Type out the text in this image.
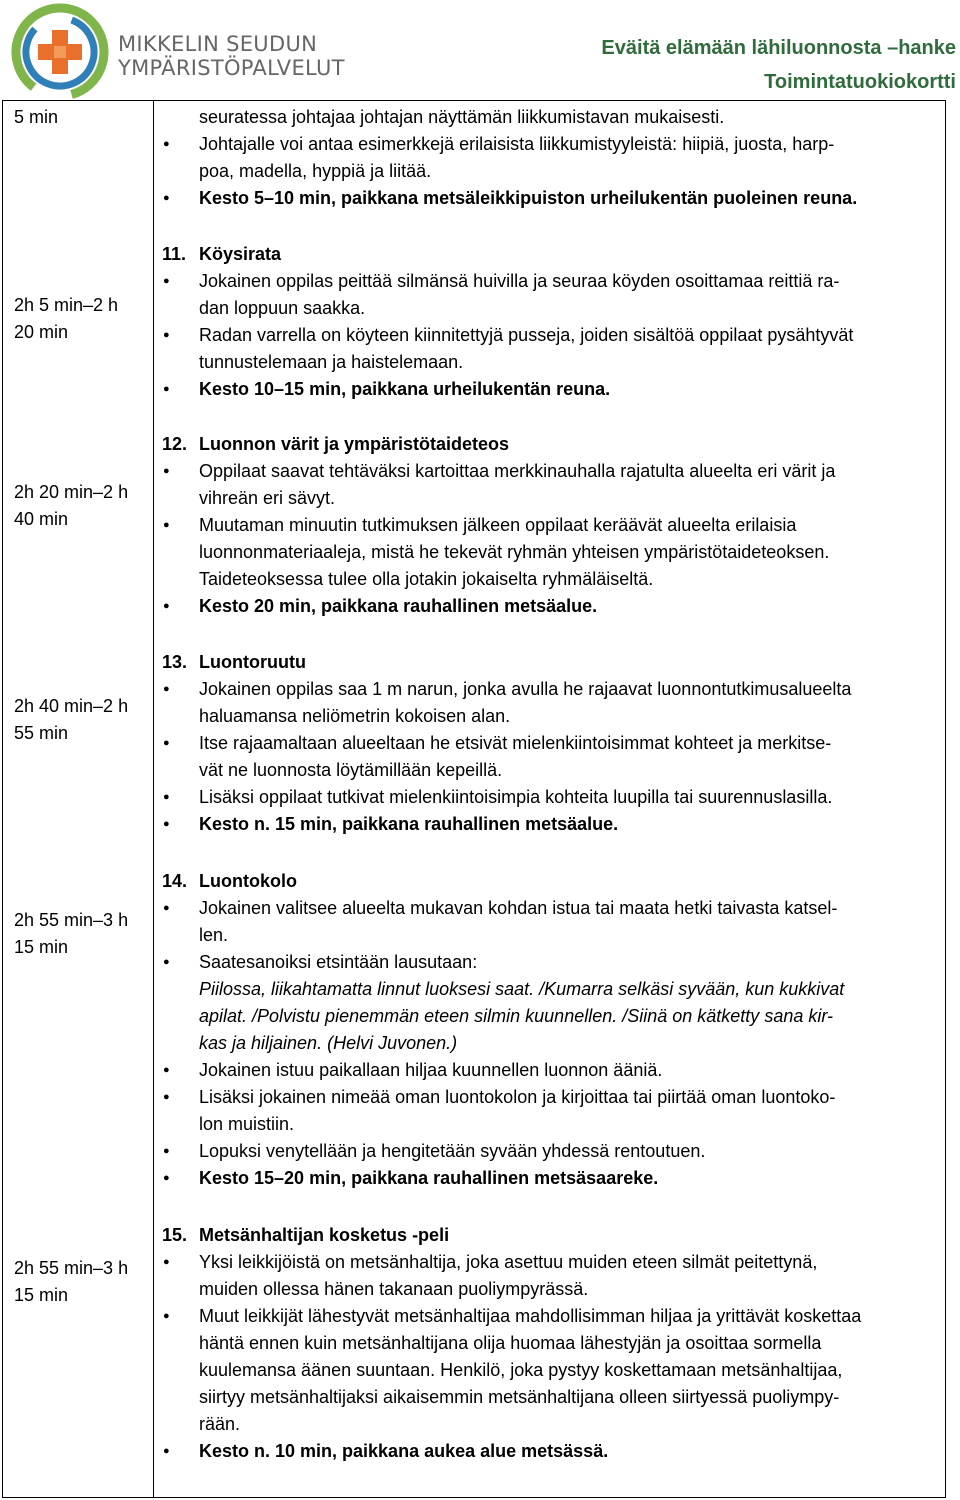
MIKKELIN SEUDUN
YMPÄRISTÖPALVELUT
Eväitä elämään lähiluonnosta –hanke
Toimintatuokiokortti
5 min	seuratessa johtajaa johtajan näyttämän liikkumistavan mukaisesti.
● Johtajalle voi antaa esimerkkejä erilaisista liikkumistyyleistä: hiipiä, juosta, harp-
poa, madella, hyppiä ja liitää.
● Kesto 5–10 min, paikkana metsäleikkipuiston urheilukentän puoleinen reuna.
2h 5 min–2 h
20 min
11. Köysirata
● Jokainen oppilas peittää silmänsä huivilla ja seuraa köyden osoittamaa reittiä ra-
dan loppuun saakka.
● Radan varrella on köyteen kiinnitettyjä pusseja, joiden sisältöä oppilaat pysähtyvät
tunnustelemaan ja haistelemaan.
● Kesto 10–15 min, paikkana urheilukentän reuna.
2h 20 min–2 h
40 min
12. Luonnon värit ja ympäristötaideteos
● Oppilaat saavat tehtäväksi kartoittaa merkkinauhalla rajatulta alueelta eri värit ja
vihreän eri sävyt.
● Muutaman minuutin tutkimuksen jälkeen oppilaat keräävät alueelta erilaisia
luonnonmateriaaleja, mistä he tekevät ryhmän yhteisen ympäristötaideteoksen.
Taideteoksessa tulee olla jotakin jokaiselta ryhmäläiseltä.
● Kesto 20 min, paikkana rauhallinen metsäalue.
2h 40 min–2 h
55 min
13. Luontoruutu
● Jokainen oppilas saa 1 m narun, jonka avulla he rajaavat luonnontutkimusalueelta
haluamansa neliömetrin kokoisen alan.
● Itse rajaamaltaan alueeltaan he etsivät mielenkiintoisimmat kohteet ja merkitse-
vät ne luonnosta löytämillään kepeillä.
● Lisäksi oppilaat tutkivat mielenkiintoisimpia kohteita luupilla tai suurennuslasilla.
● Kesto n. 15 min, paikkana rauhallinen metsäalue.
2h 55 min–3 h
15 min
14. Luontokolo
● Jokainen valitsee alueelta mukavan kohdan istua tai maata hetki taivasta katsel-
len.
● Saatesanoiksi etsintään lausutaan:
Piilossa, liikahtamatta linnut luoksesi saat. /Kumarra selkäsi syvään, kun kukkivat
apilat. /Polvistu pienemmän eteen silmin kuunnellen. /Siinä on kätketty sana kir-
kas ja hiljainen. (Helvi Juvonen.)
● Jokainen istuu paikallaan hiljaa kuunnellen luonnon ääniä.
● Lisäksi jokainen nimeää oman luontokolon ja kirjoittaa tai piirtää oman luontoko-
lon muistiin.
● Lopuksi venytellään ja hengitetään syvään yhdessä rentoutuen.
● Kesto 15–20 min, paikkana rauhallinen metsäsaareke.
2h 55 min–3 h
15 min
15. Metsänhaltijan kosketus -peli
● Yksi leikkijöistä on metsänhaltija, joka asettuu muiden eteen silmät peitettynä,
muiden ollessa hänen takanaan puoliympyrässä.
● Muut leikkijät lähestyvät metsänhaltijaa mahdollisimman hiljaa ja yrittävät koskettaa
häntä ennen kuin metsänhaltijana olija huomaa lähestyjän ja osoittaa sormella
kuulemansa äänen suuntaan. Henkilö, joka pystyy koskettamaan metsänhaltijaa,
siirtyy metsänhaltijaksi aikaisemmin metsänhaltijana olleen siirtyessä puoliympy-
rään.
● Kesto n. 10 min, paikkana aukea alue metsässä.
